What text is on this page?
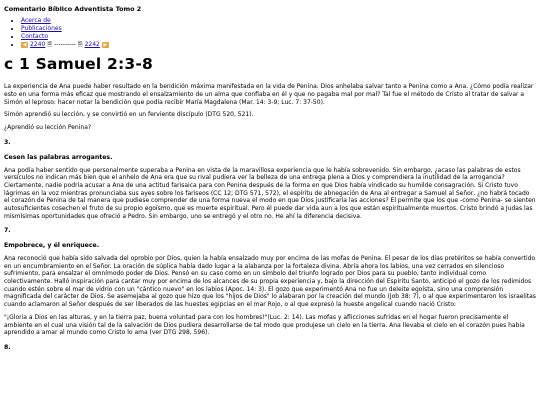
Comentario Bíblico Adventista Tomo 2
• Acerca de
• Publicaciones
• Contacto
• ◀ 2240 🗎 ---------- 🗎 2242 ▶
c 1 Samuel 2:3-8

La experiencia de Ana puede haber resultado en la bendición máxima manifestada en la vida de Penina. Dios anhelaba salvar tanto a Penina como a Ana. ¿Cómo podía realizar esto en una forma más eficaz que mostrando el ensalzamiento de un alma que confiaba en él y que no pagaba mal por mal? Tal fue el método de Cristo al tratar de salvar a Simón el leproso: hacer notar la bendición que podía recibir María Magdalena (Mar. 14: 3-9; Luc. 7: 37-50).

Simón aprendió su lección, y se convirtió en un ferviente discípulo (DTG 520, 521).

¿Aprendió su lección Penina?

3.
Cesen las palabras arrogantes.

Ana podía haber sentido que personalmente superaba a Penina en vista de la maravillosa experiencia que le había sobrevenido. Sin embargo, ¿acaso las palabras de estos versículos no indican más bien que el anhelo de Ana era que su rival pudiera ver la belleza de una entrega plena a Dios y comprendiera la inutilidad de la arrogancia? Ciertamente, nadie podría acusar a Ana de una actitud farisaica para con Penina después de la forma en que Dios había vindicado su humilde consagración. Si Cristo tuvo lágrimas en la voz mientras pronunciaba sus ayes sobre los fariseos (CC 12; DTG 571, 572), el espíritu de abnegación de Ana al entregar a Samuel al Señor, ¿no habrá tocado el corazón de Penina de tal manera que pudiese comprender de una forma nueva el modo en que Dios justificaría las acciones? El permite que los que -como Penina- se sienten autosuficientes cosechen el fruto de su propio egoísmo, que es muerte espiritual. Pero él puede dar vida aun a los que están espiritualmente muertos. Cristo brindó a Judas las mismísimas oportunidades que ofreció a Pedro. Sin embargo, uno se entregó y el otro no. He ahí la diferencia decisiva.

7.
Empobrece, y él enriquece.

Ana reconoció que había sido salvada del oprobio por Dios, quien la había ensalzado muy por encima de las mofas de Penina. El pesar de los días pretéritos se había convertido en un encumbramiento en el Señor. La oración de súplica había dado lugar a la alabanza por la fortaleza divina. Abría ahora los labios, una vez cerrados en silencioso sufrimiento, para ensalzar el omnímodo poder de Dios. Pensó en su caso como en un símbolo del triunfo logrado por Dios para su pueblo, tanto individual como colectivamente. Halló inspiración para cantar muy por encima de los alcances de su propia experiencia y, bajo la dirección del Espíritu Santo, anticipó el gozo de los redimidos cuando estén sobre el mar de vidrio con un "cántico nuevo" en los labios (Apoc. 14: 3). El gozo que experimentó Ana no fue un deleite egoísta, sino una comprensión magnificada del carácter de Dios. Se asemejaba al gozo que hizo que los "hijos de Dios" lo alabaran por la creación del mundo (Job 38: 7), o al que experimentaron los israelitas cuando aclamaron al Señor después de ser liberados de las huestes egipcias en el mar Rojo, o al que expresó la hueste angelical cuando nació Cristo:

"¡Gloria a Dios en las alturas, y en la tierra paz, buena voluntad para con los hombres!"(Luc. 2: 14). Las mofas y aflicciones sufridas en el hogar fueron precisamente el ambiente en el cual una visión tal de la salvación de Dios pudiera desarrollarse de tal modo que produjese un cielo en la tierra. Ana llevaba el cielo en el corazón pues había aprendido a amar al mundo como Cristo lo ama (ver DTG 298, 596).

8.
